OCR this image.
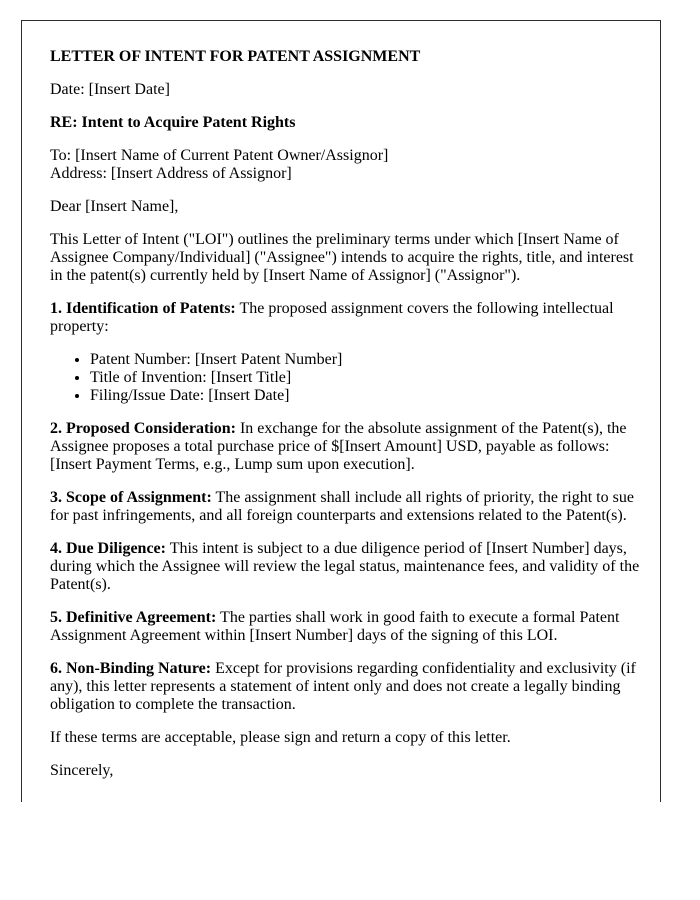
LETTER OF INTENT FOR PATENT ASSIGNMENT

Date: [Insert Date]

RE: Intent to Acquire Patent Rights

To: [Insert Name of Current Patent Owner/Assignor]
Address: [Insert Address of Assignor]

Dear [Insert Name],

This Letter of Intent ("LOI") outlines the preliminary terms under which [Insert Name of Assignee Company/Individual] ("Assignee") intends to acquire the rights, title, and interest in the patent(s) currently held by [Insert Name of Assignor] ("Assignor").

1. Identification of Patents: The proposed assignment covers the following intellectual property:

• Patent Number: [Insert Patent Number]
• Title of Invention: [Insert Title]
• Filing/Issue Date: [Insert Date]

2. Proposed Consideration: In exchange for the absolute assignment of the Patent(s), the Assignee proposes a total purchase price of $[Insert Amount] USD, payable as follows: [Insert Payment Terms, e.g., Lump sum upon execution].

3. Scope of Assignment: The assignment shall include all rights of priority, the right to sue for past infringements, and all foreign counterparts and extensions related to the Patent(s).

4. Due Diligence: This intent is subject to a due diligence period of [Insert Number] days, during which the Assignee will review the legal status, maintenance fees, and validity of the Patent(s).

5. Definitive Agreement: The parties shall work in good faith to execute a formal Patent Assignment Agreement within [Insert Number] days of the signing of this LOI.

6. Non-Binding Nature: Except for provisions regarding confidentiality and exclusivity (if any), this letter represents a statement of intent only and does not create a legally binding obligation to complete the transaction.

If these terms are acceptable, please sign and return a copy of this letter.

Sincerely,
